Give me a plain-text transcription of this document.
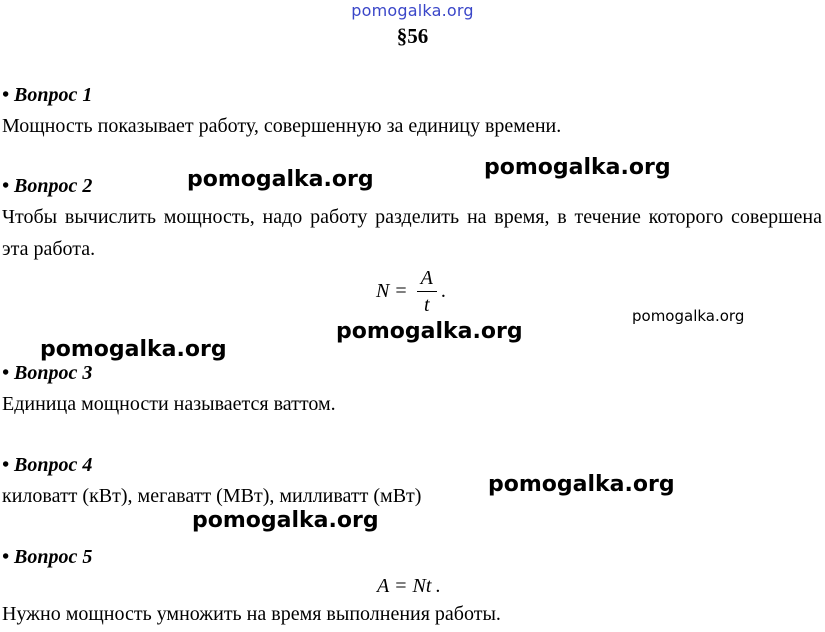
pomogalka.org
§56
• Вопрос 1
Мощность показывает работу, совершенную за единицу времени.
• Вопрос 2
Чтобы вычислить мощность, надо работу разделить на время, в течение которого совершена эта работа.
$N = \frac{A}{t}$ .
• Вопрос 3
Единица мощности называется ваттом.
• Вопрос 4
киловатт (кВт), мегаватт (МВт), милливатт (мВт)
• Вопрос 5
A = Nt .
Нужно мощность умножить на время выполнения работы.
pomogalka.org	pomogalka.org
pomogalka.org
pomogalka.org
pomogalka.org
pomogalka.org
pomogalka.org
